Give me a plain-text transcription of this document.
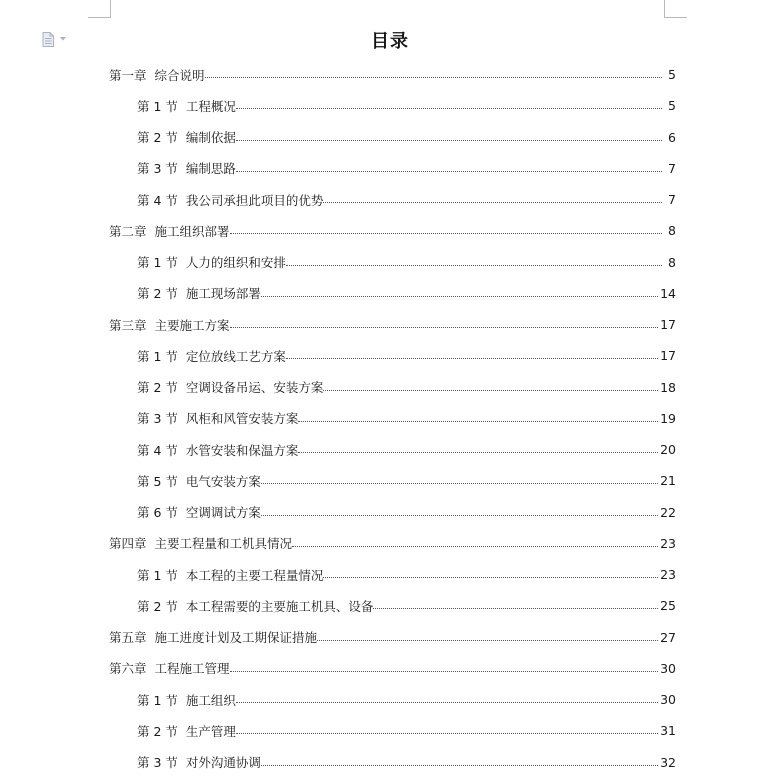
目录
第一章 综合说明	5
第 1 节 工程概况	5
第 2 节 编制依据	6
第 3 节 编制思路	7
第 4 节 我公司承担此项目的优势	7
第二章 施工组织部署	8
第 1 节 人力的组织和安排	8
第 2 节 施工现场部署	14
第三章 主要施工方案	17
第 1 节 定位放线工艺方案	17
第 2 节 空调设备吊运、安装方案	18
第 3 节 风柜和风管安装方案	19
第 4 节 水管安装和保温方案	20
第 5 节 电气安装方案	21
第 6 节 空调调试方案	22
第四章 主要工程量和工机具情况	23
第 1 节 本工程的主要工程量情况	23
第 2 节 本工程需要的主要施工机具、设备	25
第五章 施工进度计划及工期保证措施	27
第六章 工程施工管理	30
第 1 节 施工组织	30
第 2 节 生产管理	31
第 3 节 对外沟通协调	32
